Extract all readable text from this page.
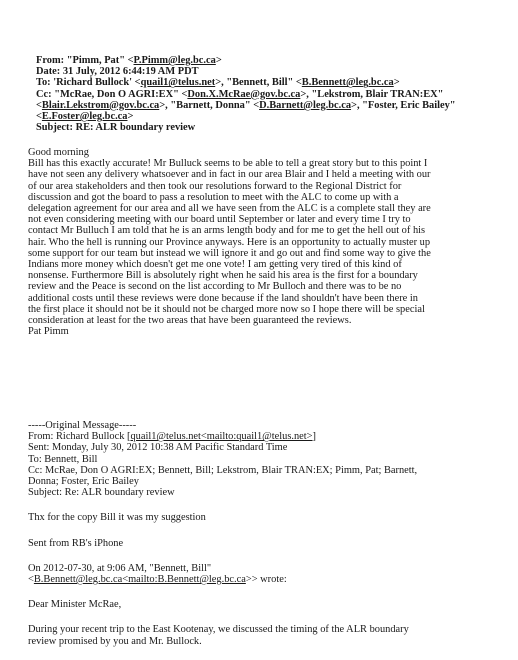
From: "Pimm, Pat" <P.Pimm@leg.bc.ca>

Date: 31 July, 2012 6:44:19 AM PDT

To: 'Richard Bullock' <quail1@telus.net>, "Bennett, Bill" <B.Bennett@leg.bc.ca>

Cc: "McRae, Don O AGRI:EX" <Don.X.McRae@gov.bc.ca>, "Lekstrom, Blair TRAN:EX"

<Blair.Lekstrom@gov.bc.ca>, "Barnett, Donna" <D.Barnett@leg.bc.ca>, "Foster, Eric Bailey"

<E.Foster@leg.bc.ca>

Subject: RE: ALR boundary review

Good morning

Bill has this exactly accurate! Mr Bulluck seems to be able to tell a great story but to this point I

have not seen any delivery whatsoever and in fact in our area Blair and I held a meeting with our

of our area stakeholders and then took our resolutions forward to the Regional District for

discussion and got the board to pass a resolution to meet with the ALC to come up with a

delegation agreement for our area and all we have seen from the ALC is a complete stall they are

not even considering meeting with our board until September or later and every time I try to

contact Mr Bulluch I am told that he is an arms length body and for me to get the hell out of his

hair. Who the hell is running our Province anyways. Here is an opportunity to actually muster up

some support for our team but instead we will ignore it and go out and find some way to give the

Indians more money which doesn't get me one vote! I am getting very tired of this kind of

nonsense. Furthermore Bill is absolutely right when he said his area is the first for a boundary

review and the Peace is second on the list according to Mr Bulloch and there was to be no

additional costs until these reviews were done because if the land shouldn't have been there in

the first place it should not be it should not be charged more now so I hope there will be special

consideration at least for the two areas that have been guaranteed the reviews.

Pat Pimm

-----Original Message-----

From: Richard Bullock [quail1@telus.net<mailto:quail1@telus.net>]

Sent: Monday, July 30, 2012 10:38 AM Pacific Standard Time

To: Bennett, Bill

Cc: McRae, Don O AGRI:EX; Bennett, Bill; Lekstrom, Blair TRAN:EX; Pimm, Pat; Barnett,

Donna; Foster, Eric Bailey

Subject: Re: ALR boundary review

Thx for the copy Bill it was my suggestion

Sent from RB's iPhone

On 2012-07-30, at 9:06 AM, "Bennett, Bill"

<B.Bennett@leg.bc.ca<mailto:B.Bennett@leg.bc.ca>> wrote:

Dear Minister McRae,

During your recent trip to the East Kootenay, we discussed the timing of the ALR boundary

review promised by you and Mr. Bullock.
